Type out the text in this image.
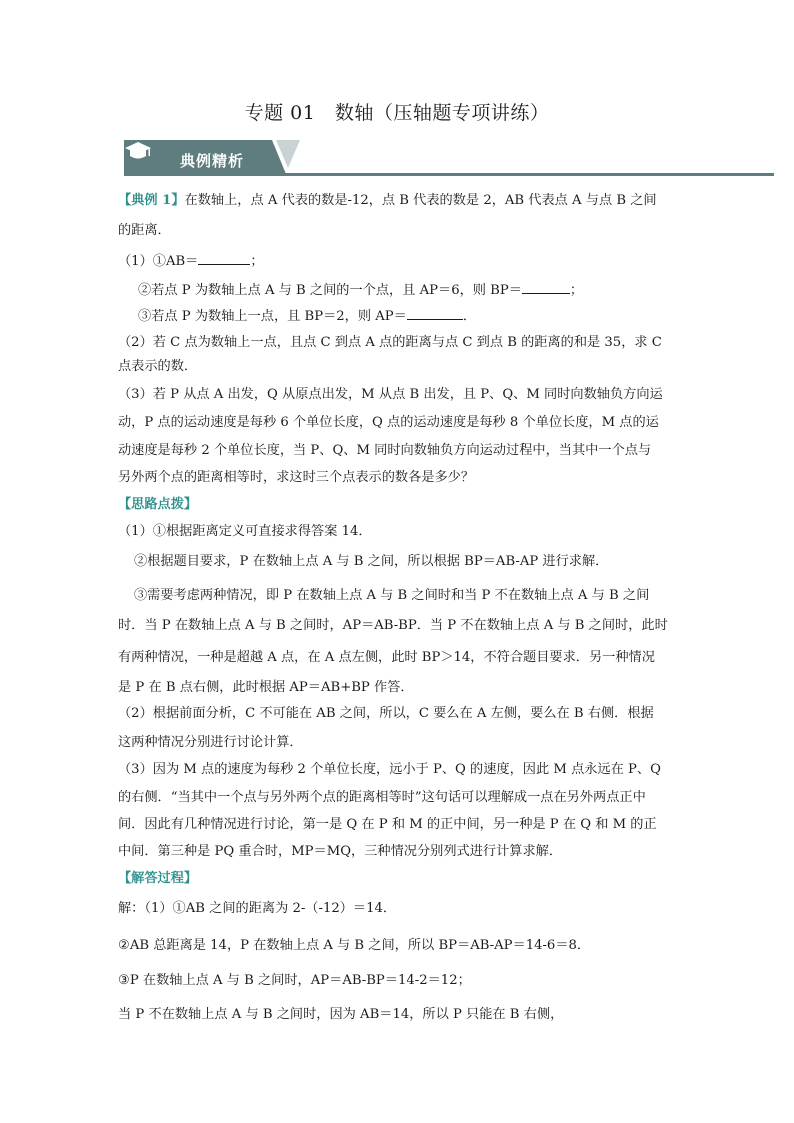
专题 01　数轴（压轴题专项讲练）
典例精析
【典例 1】在数轴上，点 A 代表的数是-12，点 B 代表的数是 2，AB 代表点 A 与点 B 之间
的距离．
（1）①AB＝	；
②若点 P 为数轴上点 A 与 B 之间的一个点，且 AP＝6，则 BP＝	；
③若点 P 为数轴上一点，且 BP＝2，则 AP＝	．
（2）若 C 点为数轴上一点，且点 C 到点 A 点的距离与点 C 到点 B 的距离的和是 35，求 C
点表示的数．
（3）若 P 从点 A 出发，Q 从原点出发，M 从点 B 出发，且 P、Q、M 同时向数轴负方向运
动，P 点的运动速度是每秒 6 个单位长度，Q 点的运动速度是每秒 8 个单位长度，M 点的运
动速度是每秒 2 个单位长度，当 P、Q、M 同时向数轴负方向运动过程中，当其中一个点与
另外两个点的距离相等时，求这时三个点表示的数各是多少？
【思路点拨】
（1）①根据距离定义可直接求得答案 14．
②根据题目要求，P 在数轴上点 A 与 B 之间，所以根据 BP＝AB-AP 进行求解．
③需要考虑两种情况，即 P 在数轴上点 A 与 B 之间时和当 P 不在数轴上点 A 与 B 之间
时．当 P 在数轴上点 A 与 B 之间时，AP＝AB-BP．当 P 不在数轴上点 A 与 B 之间时，此时
有两种情况，一种是超越 A 点，在 A 点左侧，此时 BP＞14，不符合题目要求．另一种情况
是 P 在 B 点右侧，此时根据 AP＝AB+BP 作答．
（2）根据前面分析，C 不可能在 AB 之间，所以，C 要么在 A 左侧，要么在 B 右侧．根据
这两种情况分别进行讨论计算．
（3）因为 M 点的速度为每秒 2 个单位长度，远小于 P、Q 的速度，因此 M 点永远在 P、Q
的右侧．“当其中一个点与另外两个点的距离相等时”这句话可以理解成一点在另外两点正中
间．因此有几种情况进行讨论，第一是 Q 在 P 和 M 的正中间，另一种是 P 在 Q 和 M 的正
中间．第三种是 PQ 重合时，MP＝MQ，三种情况分别列式进行计算求解．
【解答过程】
解：（1）①AB 之间的距离为 2-（-12）＝14．
②AB 总距离是 14，P 在数轴上点 A 与 B 之间，所以 BP＝AB-AP＝14-6＝8．
③P 在数轴上点 A 与 B 之间时，AP＝AB-BP＝14-2＝12；
当 P 不在数轴上点 A 与 B 之间时，因为 AB＝14，所以 P 只能在 B 右侧，
